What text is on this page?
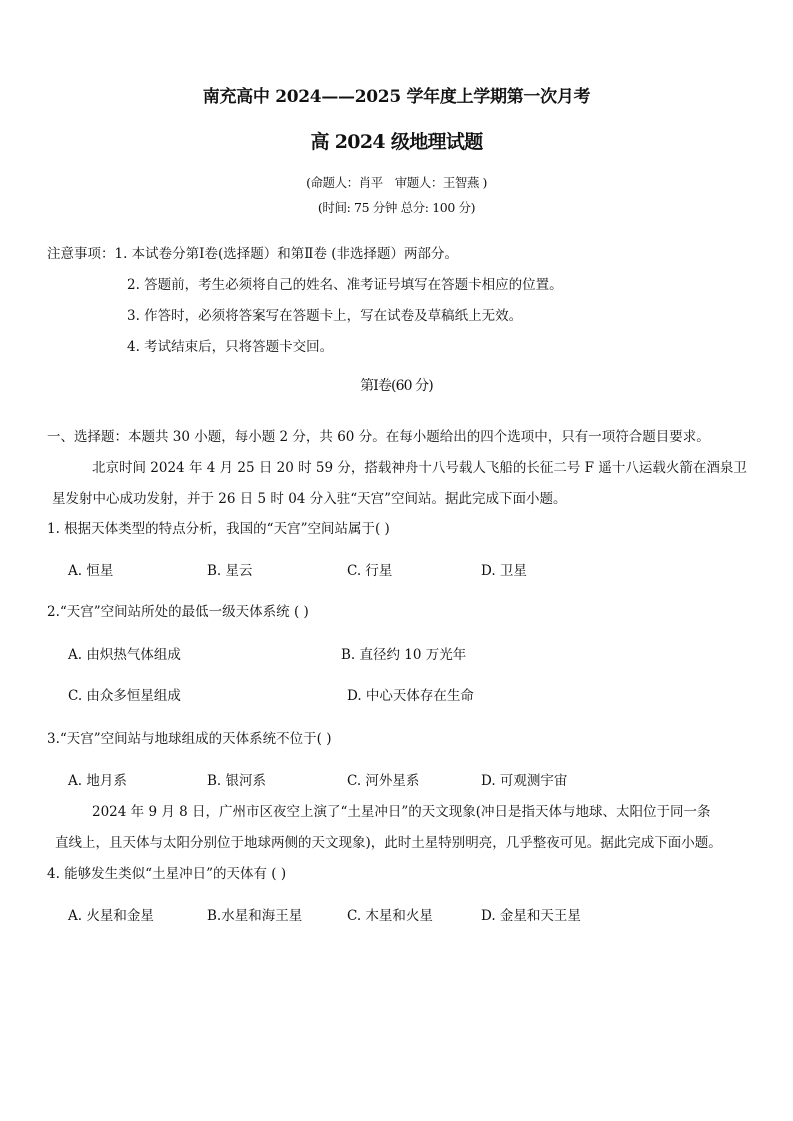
南充高中 2024——2025 学年度上学期第一次月考
高 2024 级地理试题
(命题人：肖平　审题人：王智燕 )
(时间: 75 分钟 总分: 100 分)
注意事项：1. 本试卷分第Ⅰ卷(选择题）和第Ⅱ卷 (非选择题）两部分。
2. 答题前，考生必须将自己的姓名、准考证号填写在答题卡相应的位置。
3. 作答时，必须将答案写在答题卡上，写在试卷及草稿纸上无效。
4. 考试结束后，只将答题卡交回。
第Ⅰ卷(60 分)
一、选择题：本题共 30 小题，每小题 2 分，共 60 分。在每小题给出的四个选项中，只有一项符合题目要求。
北京时间 2024 年 4 月 25 日 20 时 59 分，搭载神舟十八号载人飞船的长征二号 F 遥十八运载火箭在酒泉卫
星发射中心成功发射，并于 26 日 5 时 04 分入驻“天宫”空间站。据此完成下面小题。
1. 根据天体类型的特点分析，我国的“天宫”空间站属于( )
A. 恒星	B. 星云	C. 行星	D. 卫星
2.“天宫”空间站所处的最低一级天体系统 ( )
A. 由炽热气体组成	B. 直径约 10 万光年
C. 由众多恒星组成	D. 中心天体存在生命
3.“天宫”空间站与地球组成的天体系统不位于( )
A. 地月系	B. 银河系	C. 河外星系	D. 可观测宇宙
2024 年 9 月 8 日，广州市区夜空上演了“土星冲日”的天文现象(冲日是指天体与地球、太阳位于同一条
直线上，且天体与太阳分别位于地球两侧的天文现象)，此时土星特别明亮，几乎整夜可见。据此完成下面小题。
4. 能够发生类似“土星冲日”的天体有 ( )
A. 火星和金星	B.水星和海王星	C. 木星和火星	D. 金星和天王星
